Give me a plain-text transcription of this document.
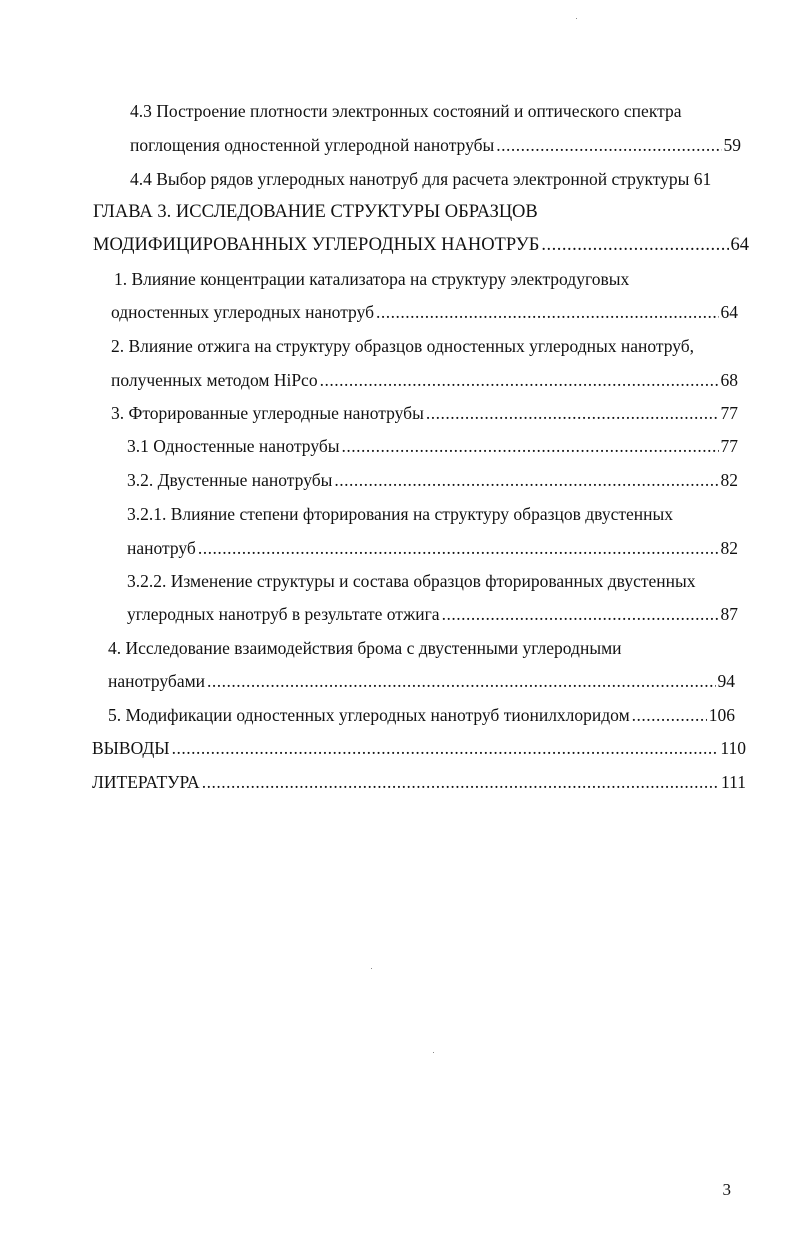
4.3 Построение плотности электронных состояний и оптического спектра
поглощения одностенной углеродной нанотрубы .....	59
4.4 Выбор рядов углеродных нанотруб для расчета электронной структуры 61
ГЛАВА 3. ИССЛЕДОВАНИЕ СТРУКТУРЫ ОБРАЗЦОВ
МОДИФИЦИРОВАННЫХ УГЛЕРОДНЫХ НАНОТРУБ .....	64
1. Влияние концентрации катализатора на структуру электродуговых
одностенных углеродных нанотруб .....	64
2. Влияние отжига на структуру образцов одностенных углеродных нанотруб,
полученных методом HiPco .....	68
3. Фторированные углеродные нанотрубы .....	77
3.1 Одностенные нанотрубы .....	77
3.2. Двустенные нанотрубы .....	82
3.2.1. Влияние степени фторирования на структуру образцов двустенных
нанотруб .....	82
3.2.2. Изменение структуры и состава образцов фторированных двустенных
углеродных нанотруб в результате отжига .....	87
4. Исследование взаимодействия брома с двустенными углеродными
нанотрубами .....	94
5. Модификации одностенных углеродных нанотруб тионилхлоридом .....	106
ВЫВОДЫ .....	110
ЛИТЕРАТУРА .....	111
3
